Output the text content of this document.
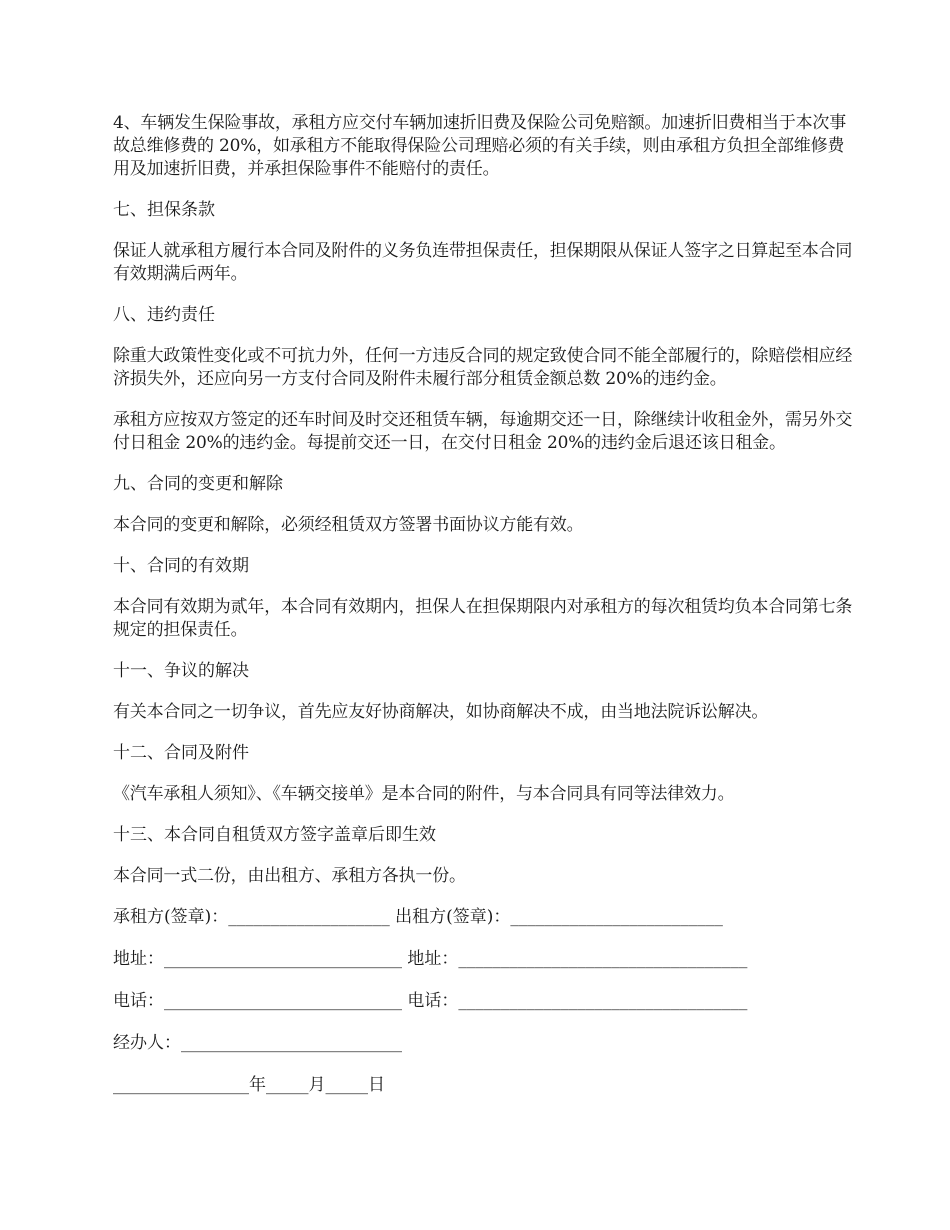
4、车辆发生保险事故，承租方应交付车辆加速折旧费及保险公司免赔额。加速折旧费相当于本次事故总维修费的 20%，如承租方不能取得保险公司理赔必须的有关手续，则由承租方负担全部维修费用及加速折旧费，并承担保险事件不能赔付的责任。

七、担保条款

保证人就承租方履行本合同及附件的义务负连带担保责任，担保期限从保证人签字之日算起至本合同有效期满后两年。

八、违约责任

除重大政策性变化或不可抗力外，任何一方违反合同的规定致使合同不能全部履行的，除赔偿相应经济损失外，还应向另一方支付合同及附件未履行部分租赁金额总数 20%的违约金。

承租方应按双方签定的还车时间及时交还租赁车辆，每逾期交还一日，除继续计收租金外，需另外交付日租金 20%的违约金。每提前交还一日，在交付日租金 20%的违约金后退还该日租金。

九、合同的变更和解除

本合同的变更和解除，必须经租赁双方签署书面协议方能有效。

十、合同的有效期

本合同有效期为贰年，本合同有效期内，担保人在担保期限内对承租方的每次租赁均负本合同第七条规定的担保责任。

十一、争议的解决

有关本合同之一切争议，首先应友好协商解决，如协商解决不成，由当地法院诉讼解决。

十二、合同及附件

《汽车承租人须知》、《车辆交接单》是本合同的附件，与本合同具有同等法律效力。

十三、本合同自租赁双方签字盖章后即生效

本合同一式二份，由出租方、承租方各执一份。

承租方(签章)：___________________ 出租方(签章)：_________________________

地址：____________________________ 地址：__________________________________

电话：____________________________ 电话：__________________________________

经办人：__________________________

________________年_____月_____日
